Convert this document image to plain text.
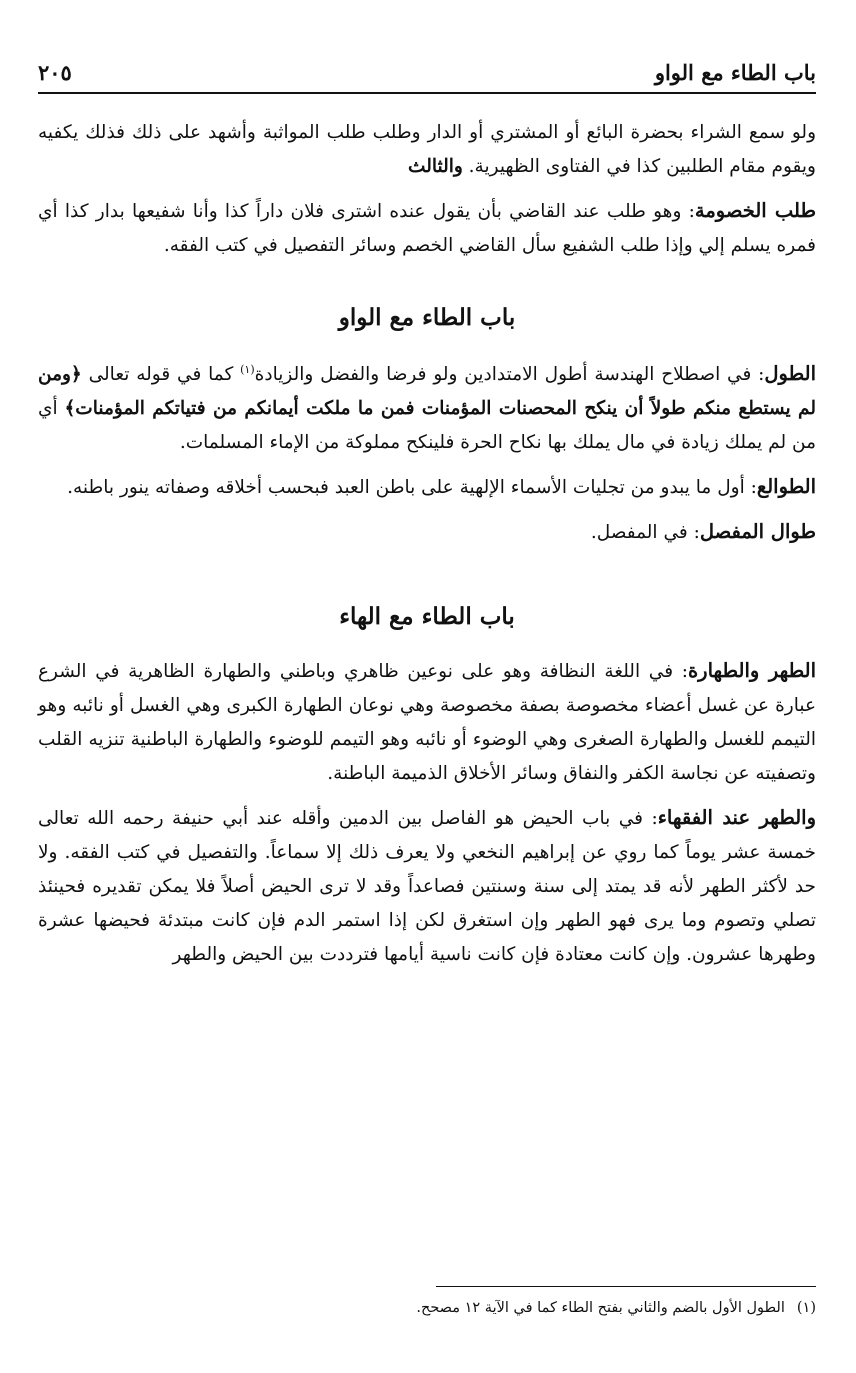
باب الطاء مع الواو
٢٠٥

ولو سمع الشراء بحضرة البائع أو المشتري أو الدار وطلب طلب المواثبة وأشهد على ذلك فذلك يكفيه ويقوم مقام الطلبين كذا في الفتاوى الظهيرية. والثالث

طلب الخصومة: وهو طلب عند القاضي بأن يقول عنده اشترى فلان داراً كذا وأنا شفيعها بدار كذا أي فمره يسلم إلي وإذا طلب الشفيع سأل القاضي الخصم وسائر التفصيل في كتب الفقه.

باب الطاء مع الواو

الطول: في اصطلاح الهندسة أطول الامتدادين ولو فرضا والفضل والزيادة$^{(١)}$ كما في قوله تعالى ﴿ومن لم يستطع منكم طولاً أن ينكح المحصنات المؤمنات فمن ما ملكت أيمانكم من فتياتكم المؤمنات﴾ أي من لم يملك زيادة في مال يملك بها نكاح الحرة فلينكح مملوكة من الإماء المسلمات.

الطوالع: أول ما يبدو من تجليات الأسماء الإلهية على باطن العبد فبحسب أخلاقه وصفاته ينور باطنه.

طوال المفصل: في المفصل.

باب الطاء مع الهاء

الطهر والطهارة: في اللغة النظافة وهو على نوعين ظاهري وباطني والطهارة الظاهرية في الشرع عبارة عن غسل أعضاء مخصوصة بصفة مخصوصة وهي نوعان الطهارة الكبرى وهي الغسل أو نائبه وهو التيمم للغسل والطهارة الصغرى وهي الوضوء أو نائبه وهو التيمم للوضوء والطهارة الباطنية تنزيه القلب وتصفيته عن نجاسة الكفر والنفاق وسائر الأخلاق الذميمة الباطنة.

والطهر عند الفقهاء: في باب الحيض هو الفاصل بين الدمين وأقله عند أبي حنيفة رحمه الله تعالى خمسة عشر يوماً كما روي عن إبراهيم النخعي ولا يعرف ذلك إلا سماعاً. والتفصيل في كتب الفقه. ولا حد لأكثر الطهر لأنه قد يمتد إلى سنة وسنتين فصاعداً وقد لا ترى الحيض أصلاً فلا يمكن تقديره فحينئذ تصلي وتصوم وما يرى فهو الطهر وإن استغرق لكن إذا استمر الدم فإن كانت مبتدئة فحيضها عشرة وطهرها عشرون. وإن كانت معتادة فإن كانت ناسية أيامها فترددت بين الحيض والطهر

(١)الطول الأول بالضم والثاني بفتح الطاء كما في الآية ١٢ مصحح.
